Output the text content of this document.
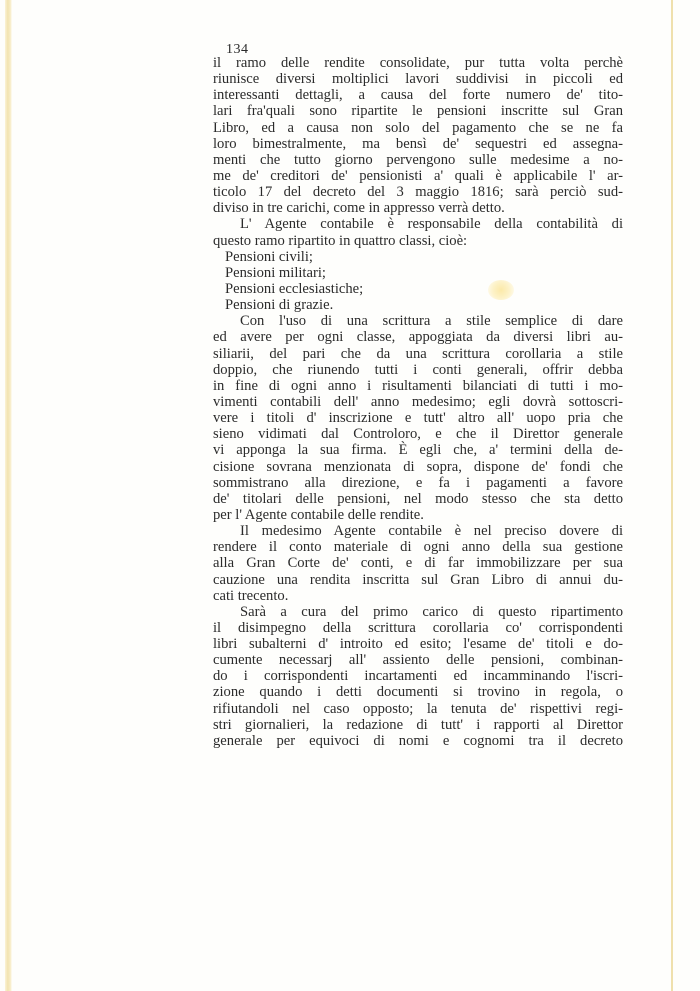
134
il ramo delle rendite consolidate, pur tutta volta perchè
riunisce diversi moltiplici lavori suddivisi in piccoli ed
interessanti dettagli, a causa del forte numero de' tito-
lari fra'quali sono ripartite le pensioni inscritte sul Gran
Libro, ed a causa non solo del pagamento che se ne fa
loro bimestralmente, ma bensì de' sequestri ed assegna-
menti che tutto giorno pervengono sulle medesime a no-
me de' creditori de' pensionisti a' quali è applicabile l' ar-
ticolo 17 del decreto del 3 maggio 1816; sarà perciò sud-
diviso in tre carichi, come in appresso verrà detto.
L' Agente contabile è responsabile della contabilità di
questo ramo ripartito in quattro classi, cioè:
Pensioni civili;
Pensioni militari;
Pensioni ecclesiastiche;
Pensioni di grazie.
Con l'uso di una scrittura a stile semplice di dare
ed avere per ogni classe, appoggiata da diversi libri au-
siliarii, del pari che da una scrittura corollaria a stile
doppio, che riunendo tutti i conti generali, offrir debba
in fine di ogni anno i risultamenti bilanciati di tutti i mo-
vimenti contabili dell' anno medesimo; egli dovrà sottoscri-
vere i titoli d' inscrizione e tutt' altro all' uopo pria che
sieno vidimati dal Controloro, e che il Direttor generale
vi apponga la sua firma. È egli che, a' termini della de-
cisione sovrana menzionata di sopra, dispone de' fondi che
sommistrano alla direzione, e fa i pagamenti a favore
de' titolari delle pensioni, nel modo stesso che sta detto
per l' Agente contabile delle rendite.
Il medesimo Agente contabile è nel preciso dovere di
rendere il conto materiale di ogni anno della sua gestione
alla Gran Corte de' conti, e di far immobilizzare per sua
cauzione una rendita inscritta sul Gran Libro di annui du-
cati trecento.
Sarà a cura del primo carico di questo ripartimento
il disimpegno della scrittura corollaria co' corrispondenti
libri subalterni d' introito ed esito; l'esame de' titoli e do-
cumente necessarj all' assiento delle pensioni, combinan-
do i corrispondenti incartamenti ed incamminando l'iscri-
zione quando i detti documenti si trovino in regola, o
rifiutandoli nel caso opposto; la tenuta de' rispettivi regi-
stri giornalieri, la redazione di tutt' i rapporti al Direttor
generale per equivoci di nomi e cognomi tra il decreto
